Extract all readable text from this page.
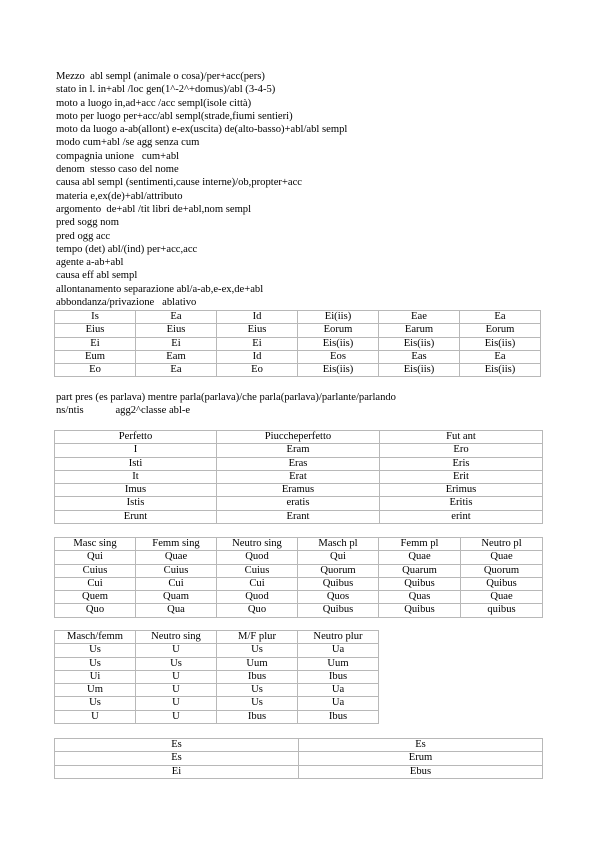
Mezzo  abl sempl (animale o cosa)/per+acc(pers)
stato in l. in+abl /loc gen(1^-2^+domus)/abl (3-4-5)
moto a luogo in,ad+acc /acc sempl(isole città)
moto per luogo per+acc/abl sempl(strade,fiumi sentieri)
moto da luogo a-ab(allont) e-ex(uscita) de(alto-basso)+abl/abl sempl
modo cum+abl /se agg senza cum
compagnia unione   cum+abl
denom  stesso caso del nome
causa abl sempl (sentimenti,cause interne)/ob,propter+acc
materia e,ex(de)+abl/attributo
argomento  de+abl /tit libri de+abl,nom sempl
pred sogg nom
pred ogg acc
tempo (det) abl/(ind) per+acc,acc
agente a-ab+abl
causa eff abl sempl
allontanamento separazione abl/a-ab,e-ex,de+abl
abbondanza/privazione   ablativo
Is	Ea	Id	Ei(iis)	Eae	Ea
Eius	Eius	Eius	Eorum	Earum	Eorum
Ei	Ei	Ei	Eis(iis)	Eis(iis)	Eis(iis)
Eum	Eam	Id	Eos	Eas	Ea
Eo	Ea	Eo	Eis(iis)	Eis(iis)	Eis(iis)
part pres (es parlava) mentre parla(parlava)/che parla(parlava)/parlante/parlando
ns/ntis            agg2^classe abl-e
Perfetto	Piuccheperfetto	Fut ant
I	Eram	Ero
Isti	Eras	Eris
It	Erat	Erit
Imus	Eramus	Erimus
Istis	eratis	Eritis
Erunt	Erant	erint
Masc sing	Femm sing	Neutro sing	Masch pl	Femm pl	Neutro pl
Qui	Quae	Quod	Qui	Quae	Quae
Cuius	Cuius	Cuius	Quorum	Quarum	Quorum
Cui	Cui	Cui	Quibus	Quibus	Quibus
Quem	Quam	Quod	Quos	Quas	Quae
Quo	Qua	Quo	Quibus	Quibus	quibus
Masch/femm	Neutro sing	M/F plur	Neutro plur
Us	U	Us	Ua
Us	Us	Uum	Uum
Ui	U	Ibus	Ibus
Um	U	Us	Ua
Us	U	Us	Ua
U	U	Ibus	Ibus
Es	Es
Es	Erum
Ei	Ebus
